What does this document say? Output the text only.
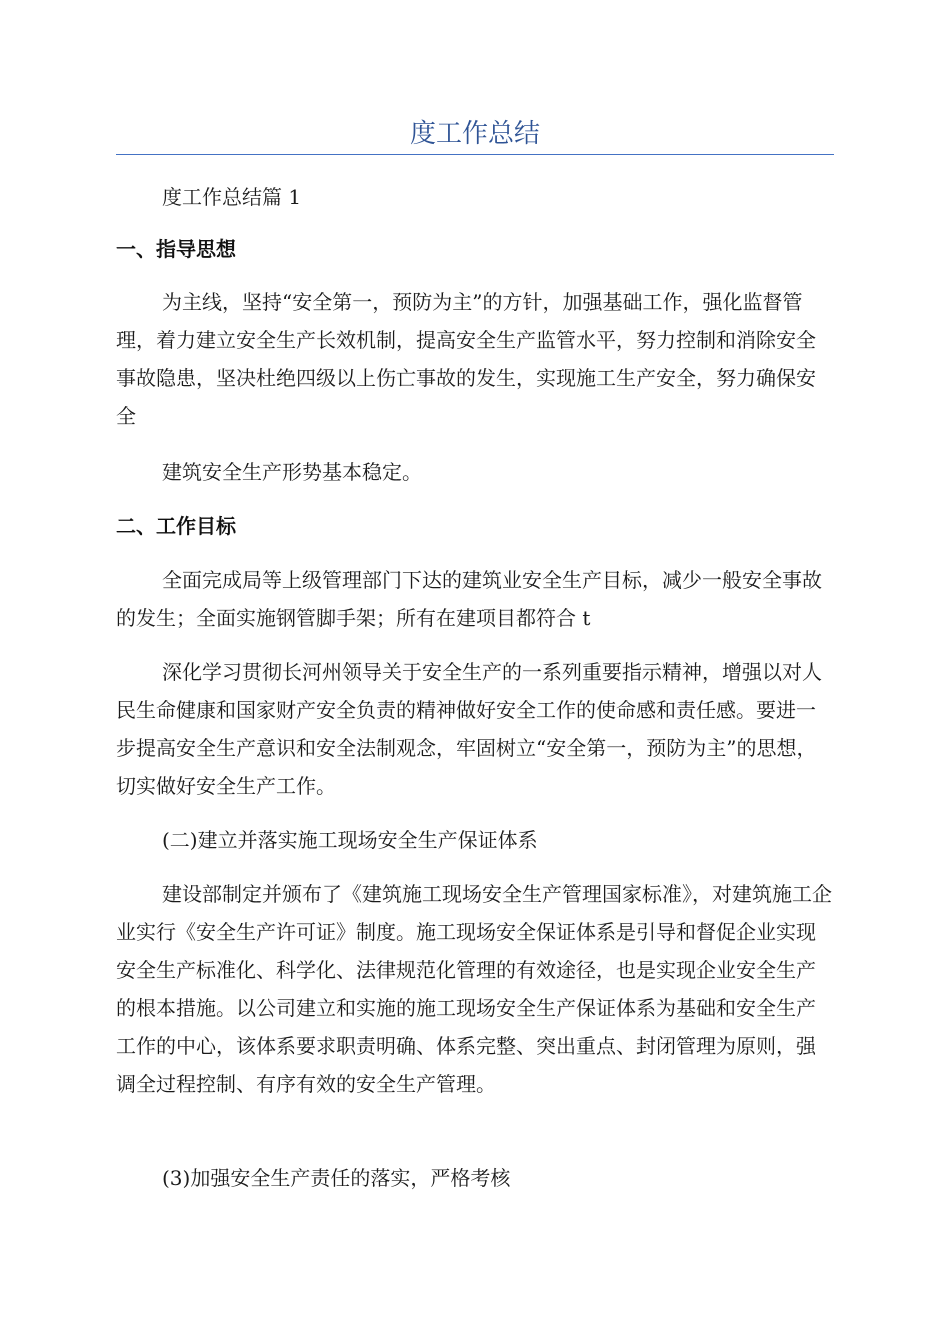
度工作总结

度工作总结篇 1

一、指导思想

为主线，坚持“安全第一，预防为主”的方针，加强基础工作，强化监督管理，着力建立安全生产长效机制，提高安全生产监管水平，努力控制和消除安全事故隐患，坚决杜绝四级以上伤亡事故的发生，实现施工生产安全，努力确保安全

建筑安全生产形势基本稳定。

二、工作目标

全面完成局等上级管理部门下达的建筑业安全生产目标，减少一般安全事故的发生；全面实施钢管脚手架；所有在建项目都符合 t

深化学习贯彻长河州领导关于安全生产的一系列重要指示精神，增强以对人民生命健康和国家财产安全负责的精神做好安全工作的使命感和责任感。要进一步提高安全生产意识和安全法制观念，牢固树立“安全第一，预防为主”的思想，切实做好安全生产工作。

(二)建立并落实施工现场安全生产保证体系

建设部制定并颁布了《建筑施工现场安全生产管理国家标准》，对建筑施工企业实行《安全生产许可证》制度。施工现场安全保证体系是引导和督促企业实现安全生产标准化、科学化、法律规范化管理的有效途径，也是实现企业安全生产的根本措施。以公司建立和实施的施工现场安全生产保证体系为基础和安全生产工作的中心，该体系要求职责明确、体系完整、突出重点、封闭管理为原则，强调全过程控制、有序有效的安全生产管理。

(3)加强安全生产责任的落实，严格考核
